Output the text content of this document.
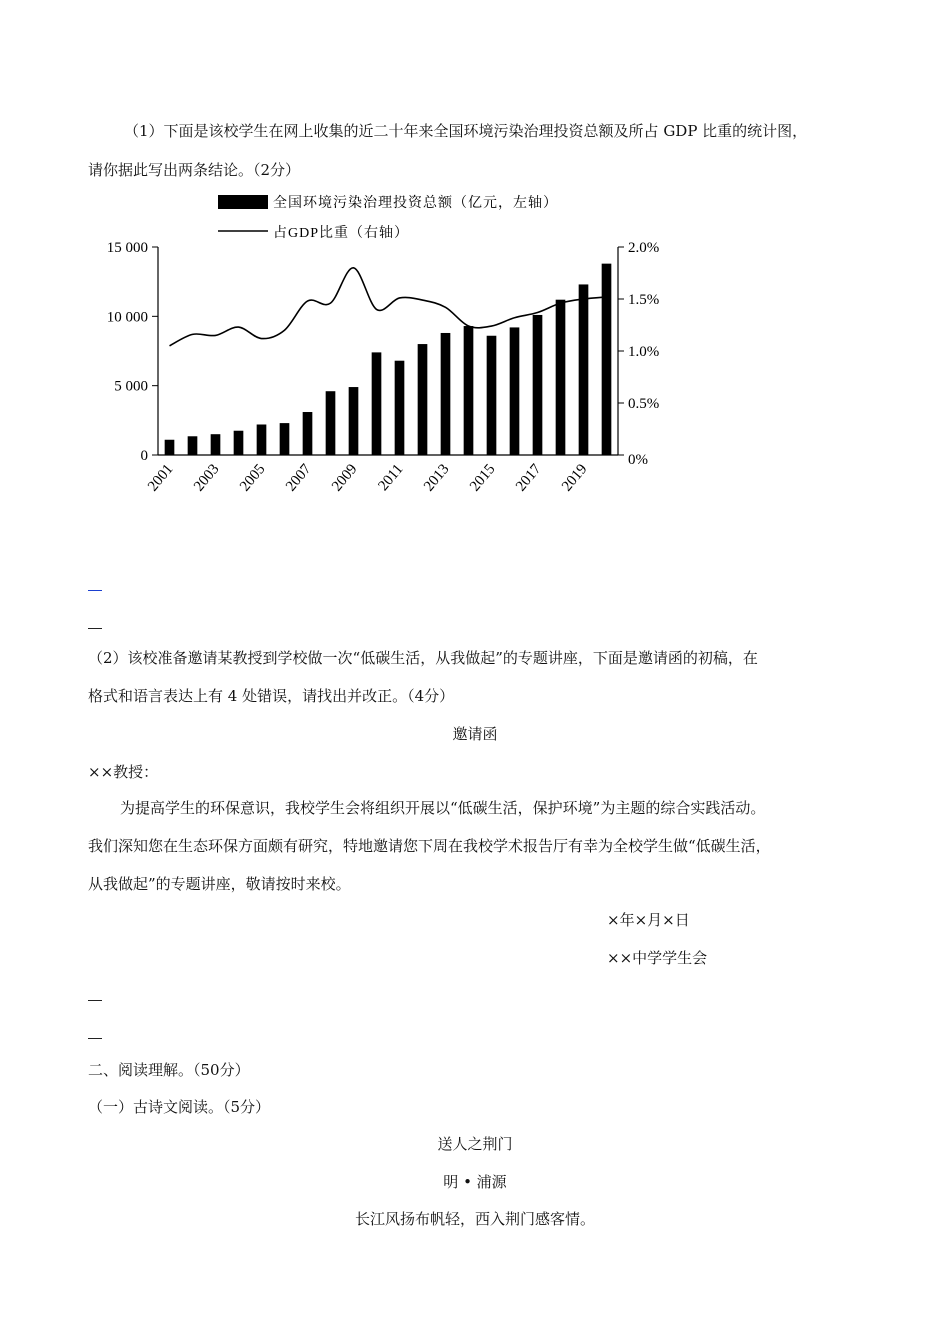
（1）下面是该校学生在网上收集的近二十年来全国环境污染治理投资总额及所占 GDP 比重的统计图，
请你据此写出两条结论。（2分）
0
5 000
10 000
15 000
0%
0.5%
1.0%
1.5%
2.0%
2001 2003 2005 2007 2009 2011 2013 2015 2017 2019
全国环境污染治理投资总额（亿元，左轴）
占GDP比重（右轴）
（2）该校准备邀请某教授到学校做一次“低碳生活，从我做起”的专题讲座，下面是邀请函的初稿，在
格式和语言表达上有 4 处错误，请找出并改正。（4分）
邀请函
××教授：
为提高学生的环保意识，我校学生会将组织开展以“低碳生活，保护环境”为主题的综合实践活动。
我们深知您在生态环保方面颇有研究，特地邀请您下周在我校学术报告厅有幸为全校学生做“低碳生活，
从我做起”的专题讲座，敬请按时来校。
×年×月×日
××中学学生会
二、阅读理解。（50分）
（一）古诗文阅读。（5分）
送人之荆门
明 • 浦源
长江风扬布帆轻，西入荆门感客情。
